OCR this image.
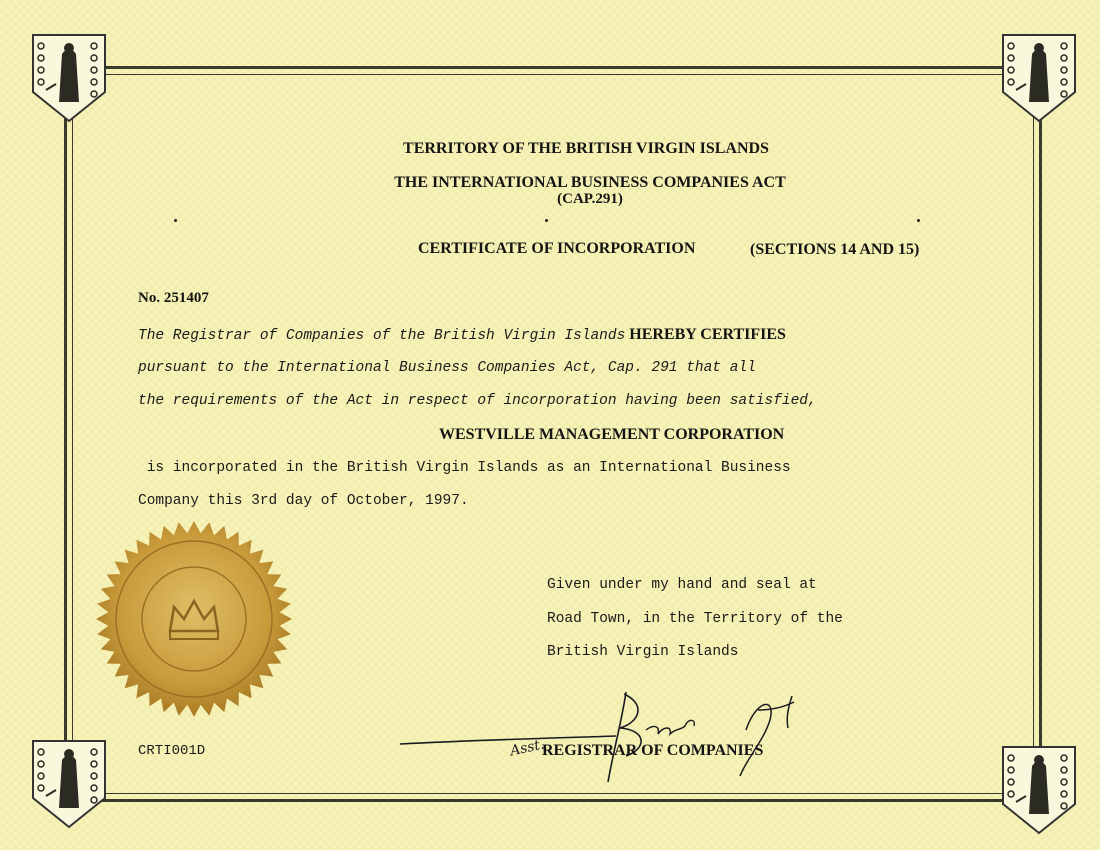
TERRITORY OF THE BRITISH VIRGIN ISLANDS
THE INTERNATIONAL BUSINESS COMPANIES ACT
(CAP.291)
CERTIFICATE OF INCORPORATION	(SECTIONS 14 AND 15)
No. 251407
The Registrar of Companies of the British Virgin Islands HEREBY CERTIFIES
pursuant to the International Business Companies Act, Cap. 291 that all
the requirements of the Act in respect of incorporation having been satisfied,
WESTVILLE MANAGEMENT CORPORATION
is incorporated in the British Virgin Islands as an International Business
Company this 3rd day of October, 1997.
Given under my hand and seal at
Road Town, in the Territory of the
British Virgin Islands
Asst.
REGISTRAR OF COMPANIES
CRTI001D
